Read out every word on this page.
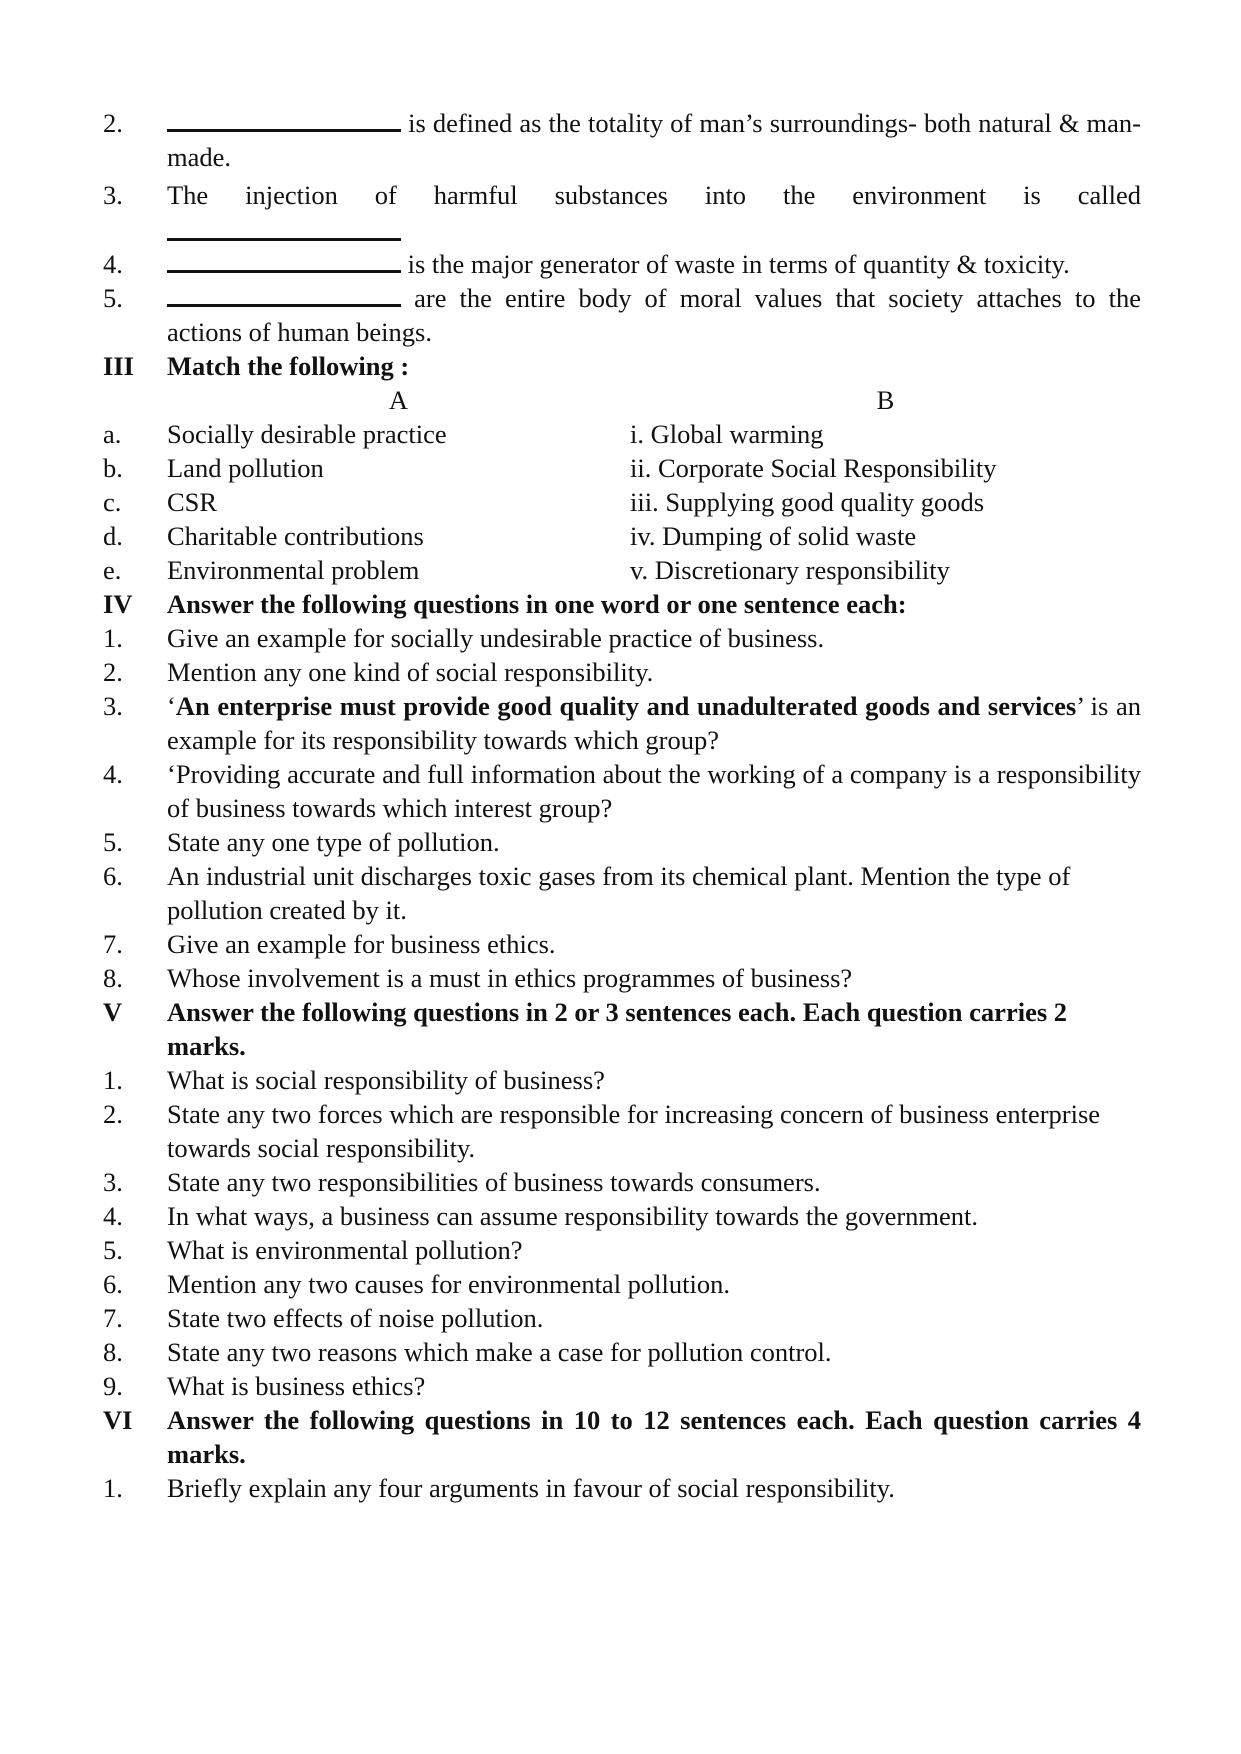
2.	is defined as the totality of man’s surroundings- both natural & man-made.
3.	The injection of harmful substances into the environment is called
4.	is the major generator of waste in terms of quantity & toxicity.
5.	are the entire body of moral values that society attaches to the actions of human beings.
III	Match the following :
A	B
a.	Socially desirable practice	i. Global warming
b.	Land pollution	ii. Corporate Social Responsibility
c.	CSR	iii. Supplying good quality goods
d.	Charitable contributions	iv. Dumping of solid waste
e.	Environmental problem	v. Discretionary responsibility
IV	Answer the following questions in one word or one sentence each:
1.	Give an example for socially undesirable practice of business.
2.	Mention any one kind of social responsibility.
3.	‘An enterprise must provide good quality and unadulterated goods and services’ is an example for its responsibility towards which group?
4.	‘Providing accurate and full information about the working of a company is a responsibility of business towards which interest group?
5.	State any one type of pollution.
6.	An industrial unit discharges toxic gases from its chemical plant. Mention the type of pollution created by it.
7.	Give an example for business ethics.
8.	Whose involvement is a must in ethics programmes of business?
V	Answer the following questions in 2 or 3 sentences each. Each question carries 2 marks.
1.	What is social responsibility of business?
2.	State any two forces which are responsible for increasing concern of business enterprise towards social responsibility.
3.	State any two responsibilities of business towards consumers.
4.	In what ways, a business can assume responsibility towards the government.
5.	What is environmental pollution?
6.	Mention any two causes for environmental pollution.
7.	State two effects of noise pollution.
8.	State any two reasons which make a case for pollution control.
9.	What is business ethics?
VI	Answer the following questions in 10 to 12 sentences each. Each question carries 4 marks.
1.	Briefly explain any four arguments in favour of social responsibility.
